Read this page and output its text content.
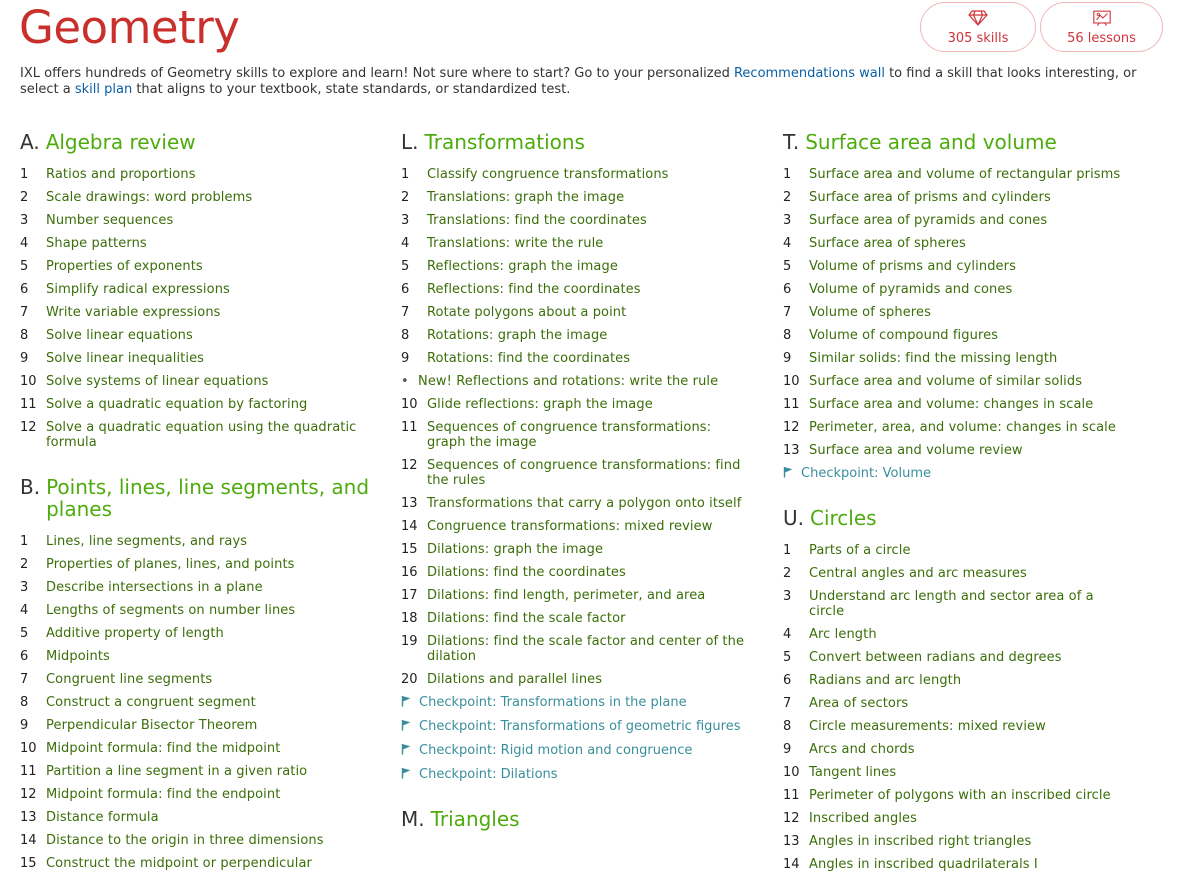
Geometry	305 skills	56 lessons

IXL offers hundreds of Geometry skills to explore and learn! Not sure where to start? Go to your personalized Recommendations wall to find a skill that looks interesting, or select a skill plan that aligns to your textbook, state standards, or standardized test.

A. Algebra review
1	Ratios and proportions
2	Scale drawings: word problems
3	Number sequences
4	Shape patterns
5	Properties of exponents
6	Simplify radical expressions
7	Write variable expressions
8	Solve linear equations
9	Solve linear inequalities
10 Solve systems of linear equations
11 Solve a quadratic equation by factoring
12 Solve a quadratic equation using the quadratic formula
B. Points, lines, line segments, and planes
1	Lines, line segments, and rays
2	Properties of planes, lines, and points
3	Describe intersections in a plane
4	Lengths of segments on number lines
5	Additive property of length
6	Midpoints
7	Congruent line segments
8	Construct a congruent segment
9	Perpendicular Bisector Theorem
10 Midpoint formula: find the midpoint
11 Partition a line segment in a given ratio
12 Midpoint formula: find the endpoint
13 Distance formula
14 Distance to the origin in three dimensions
15 Construct the midpoint or perpendicular
L. Transformations
1	Classify congruence transformations
2	Translations: graph the image
3	Translations: find the coordinates
4	Translations: write the rule
5	Reflections: graph the image
6	Reflections: find the coordinates
7	Rotate polygons about a point
8	Rotations: graph the image
9	Rotations: find the coordinates
• New! Reflections and rotations: write the rule
10 Glide reflections: graph the image
11 Sequences of congruence transformations: graph the image
12 Sequences of congruence transformations: find the rules
13 Transformations that carry a polygon onto itself
14 Congruence transformations: mixed review
15 Dilations: graph the image
16 Dilations: find the coordinates
17 Dilations: find length, perimeter, and area
18 Dilations: find the scale factor
19 Dilations: find the scale factor and center of the dilation
20 Dilations and parallel lines
Checkpoint: Transformations in the plane
Checkpoint: Transformations of geometric figures
Checkpoint: Rigid motion and congruence
Checkpoint: Dilations
M. Triangles
T. Surface area and volume
1	Surface area and volume of rectangular prisms
2	Surface area of prisms and cylinders
3	Surface area of pyramids and cones
4	Surface area of spheres
5	Volume of prisms and cylinders
6	Volume of pyramids and cones
7	Volume of spheres
8	Volume of compound figures
9	Similar solids: find the missing length
10 Surface area and volume of similar solids
11 Surface area and volume: changes in scale
12 Perimeter, area, and volume: changes in scale
13 Surface area and volume review
Checkpoint: Volume
U. Circles
1	Parts of a circle
2	Central angles and arc measures
3	Understand arc length and sector area of a circle
4	Arc length
5	Convert between radians and degrees
6	Radians and arc length
7	Area of sectors
8	Circle measurements: mixed review
9	Arcs and chords
10 Tangent lines
11 Perimeter of polygons with an inscribed circle
12 Inscribed angles
13 Angles in inscribed right triangles
14 Angles in inscribed quadrilaterals I
